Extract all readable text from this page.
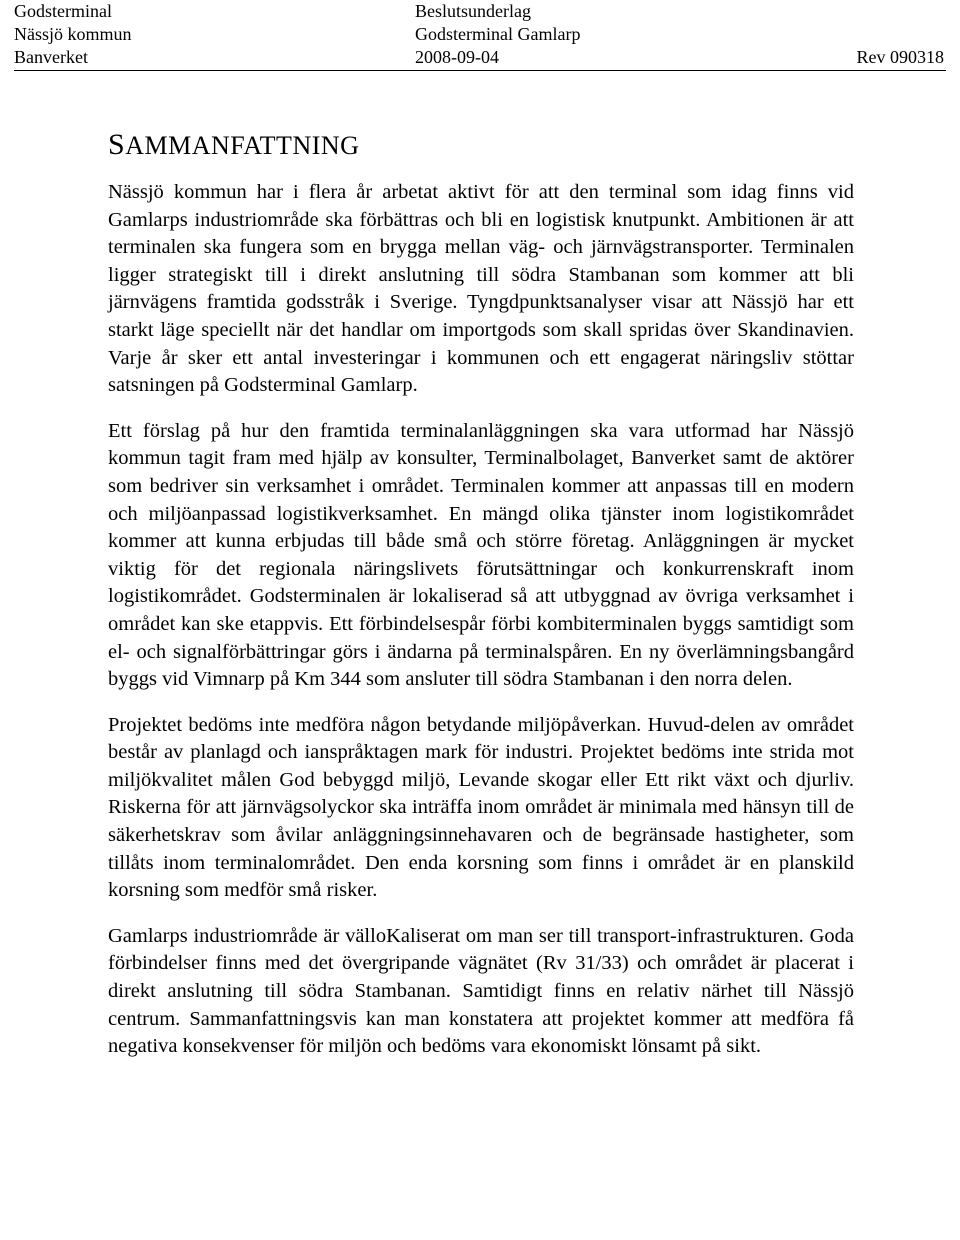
Godsterminal	Beslutsunderlag
Nässjö kommun	Godsterminal Gamlarp
Banverket	2008-09-04	Rev 090318
SAMMANFATTNING

Nässjö kommun har i flera år arbetat aktivt för att den terminal som idag finns vid Gamlarps industriområde ska förbättras och bli en logistisk knutpunkt. Ambitionen är att terminalen ska fungera som en brygga mellan väg- och järnvägstransporter. Terminalen ligger strategiskt till i direkt anslutning till södra Stambanan som kommer att bli järnvägens framtida godsstråk i Sverige. Tyngdpunktsanalyser visar att Nässjö har ett starkt läge speciellt när det handlar om importgods som skall spridas över Skandinavien. Varje år sker ett antal investeringar i kommunen och ett engagerat näringsliv stöttar satsningen på Godsterminal Gamlarp.

Ett förslag på hur den framtida terminalanläggningen ska vara utformad har Nässjö kommun tagit fram med hjälp av konsulter, Terminalbolaget, Banverket samt de aktörer som bedriver sin verksamhet i området. Terminalen kommer att anpassas till en modern och miljöanpassad logistikverksamhet. En mängd olika tjänster inom logistikområdet kommer att kunna erbjudas till både små och större företag. Anläggningen är mycket viktig för det regionala näringslivets förutsättningar och konkurrenskraft inom logistikområdet. Godsterminalen är lokaliserad så att utbyggnad av övriga verksamhet i området kan ske etappvis. Ett förbindelsespår förbi kombiterminalen byggs samtidigt som el- och signalförbättringar görs i ändarna på terminalspåren. En ny överlämningsbangård byggs vid Vimnarp på Km 344 som ansluter till södra Stambanan i den norra delen.

Projektet bedöms inte medföra någon betydande miljöpåverkan. Huvud-delen av området består av planlagd och ianspråktagen mark för industri. Projektet bedöms inte strida mot miljökvalitet målen God bebyggd miljö, Levande skogar eller Ett rikt växt och djurliv. Riskerna för att järnvägsolyckor ska inträffa inom området är minimala med hänsyn till de säkerhetskrav som åvilar anläggningsinnehavaren och de begränsade hastigheter, som tillåts inom terminalområdet. Den enda korsning som finns i området är en planskild korsning som medför små risker.

Gamlarps industriområde är välloKaliserat om man ser till transport-infrastrukturen. Goda förbindelser finns med det övergripande vägnätet (Rv 31/33) och området är placerat i direkt anslutning till södra Stambanan. Samtidigt finns en relativ närhet till Nässjö centrum. Sammanfattningsvis kan man konstatera att projektet kommer att medföra få negativa konsekvenser för miljön och bedöms vara ekonomiskt lönsamt på sikt.
